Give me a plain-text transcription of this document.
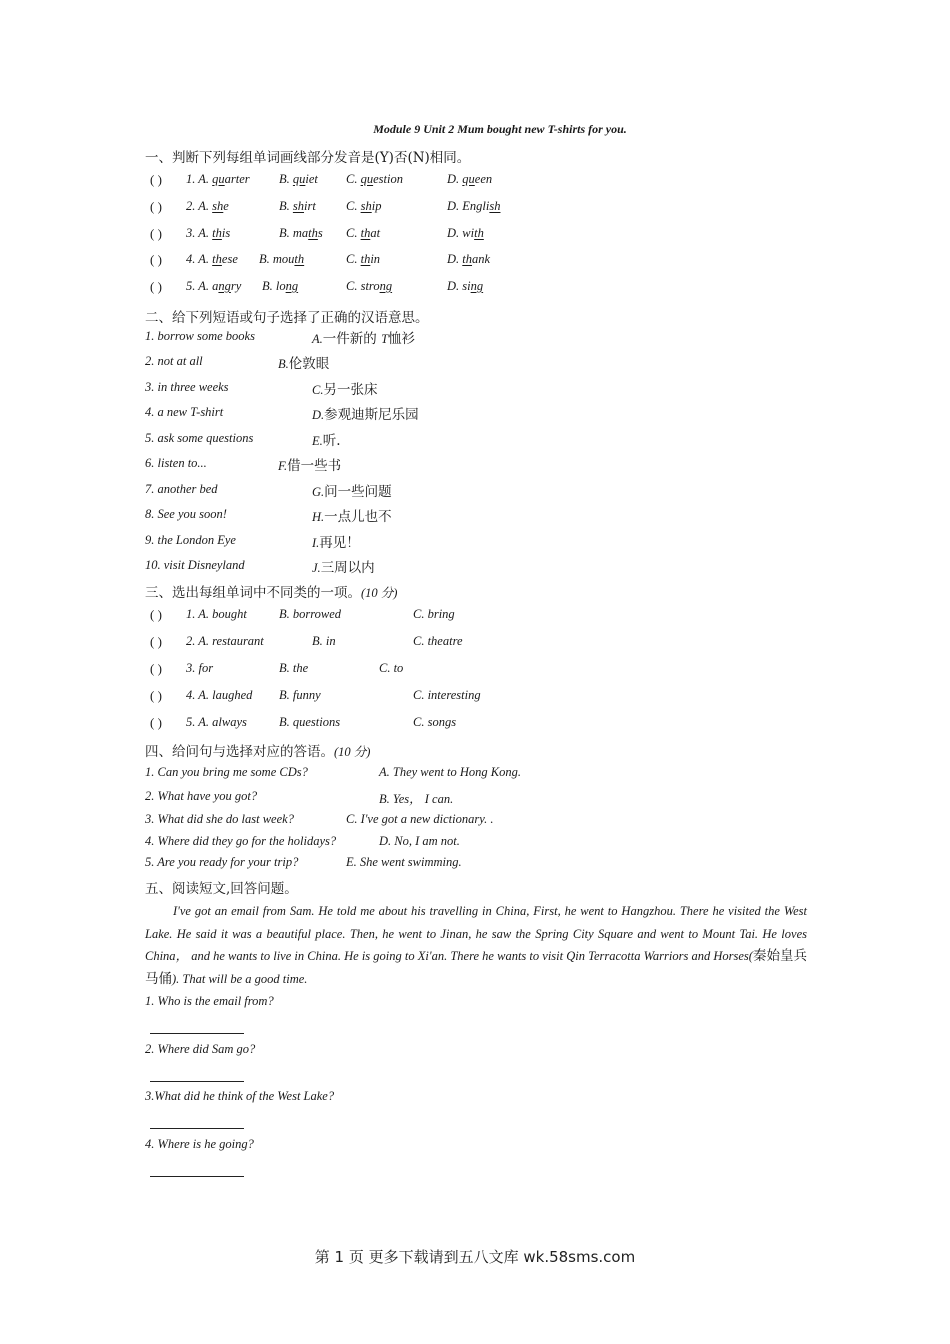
Module 9 Unit 2 Mum bought new T-shirts for you.
一、判断下列每组单词画线部分发音是(Y)否(N)相同。
( ) 1. A. quarter B. quiet C. question	D. queen
( ) 2. A. she	B. shirt C. ship	D. English
( ) 3. A. this	B. maths C. that	D. with
( ) 4. A. these B. mouth	C. thin	D. thank
( ) 5. A. angry B. long	C. strong	D. sing
二、给下列短语或句子选择了正确的汉语意思。
1. borrow some books	A.一件新的 T恤衫
2. not at all	B.伦敦眼
3. in three weeks	C.另一张床
4. a new T-shirt	D.参观迪斯尼乐园
5. ask some questions	E.听.
6. listen to...	F.借一些书
7. another bed	G.问一些问题
8. See you soon!	H.一点儿也不
9. the London Eye	I.再见！
10. visit Disneyland	J.三周以内
三、选出每组单词中不同类的一项。(10 分)
( ) 1. A. bought	B. borrowed	C. bring
( ) 2. A. restaurant	B. in	C. theatre
( ) 3. for	B. the	C. to
( ) 4. A. laughed B. funny	C. interesting
( ) 5. A. always	B. questions	C. songs
四、给问句与选择对应的答语。(10 分)
1. Can you bring me some CDs?	A. They went to Hong Kong.
2. What have you got?	B. Yes， I can.
3. What did she do last week?	C. I've got a new dictionary. .
4. Where did they go for the holidays?	D. No, I am not.
5. Are you ready for your trip?	E. She went swimming.
五、阅读短文,回答问题。
I've got an email from Sam. He told me about his travelling in China, First, he went to Hangzhou. There he visited the West Lake. He said it was a beautiful place. Then, he went to Jinan, he saw the Spring City Square and went to Mount Tai. He loves China， and he wants to live in China. He is going to Xi'an. There he wants to visit Qin Terracotta Warriors and Horses(秦始皇兵马俑). That will be a good time.
1. Who is the email from?
2. Where did Sam go?
3.What did he think of the West Lake?
4. Where is he going?
第 1 页 更多下载请到五八文库 wk.58sms.com
